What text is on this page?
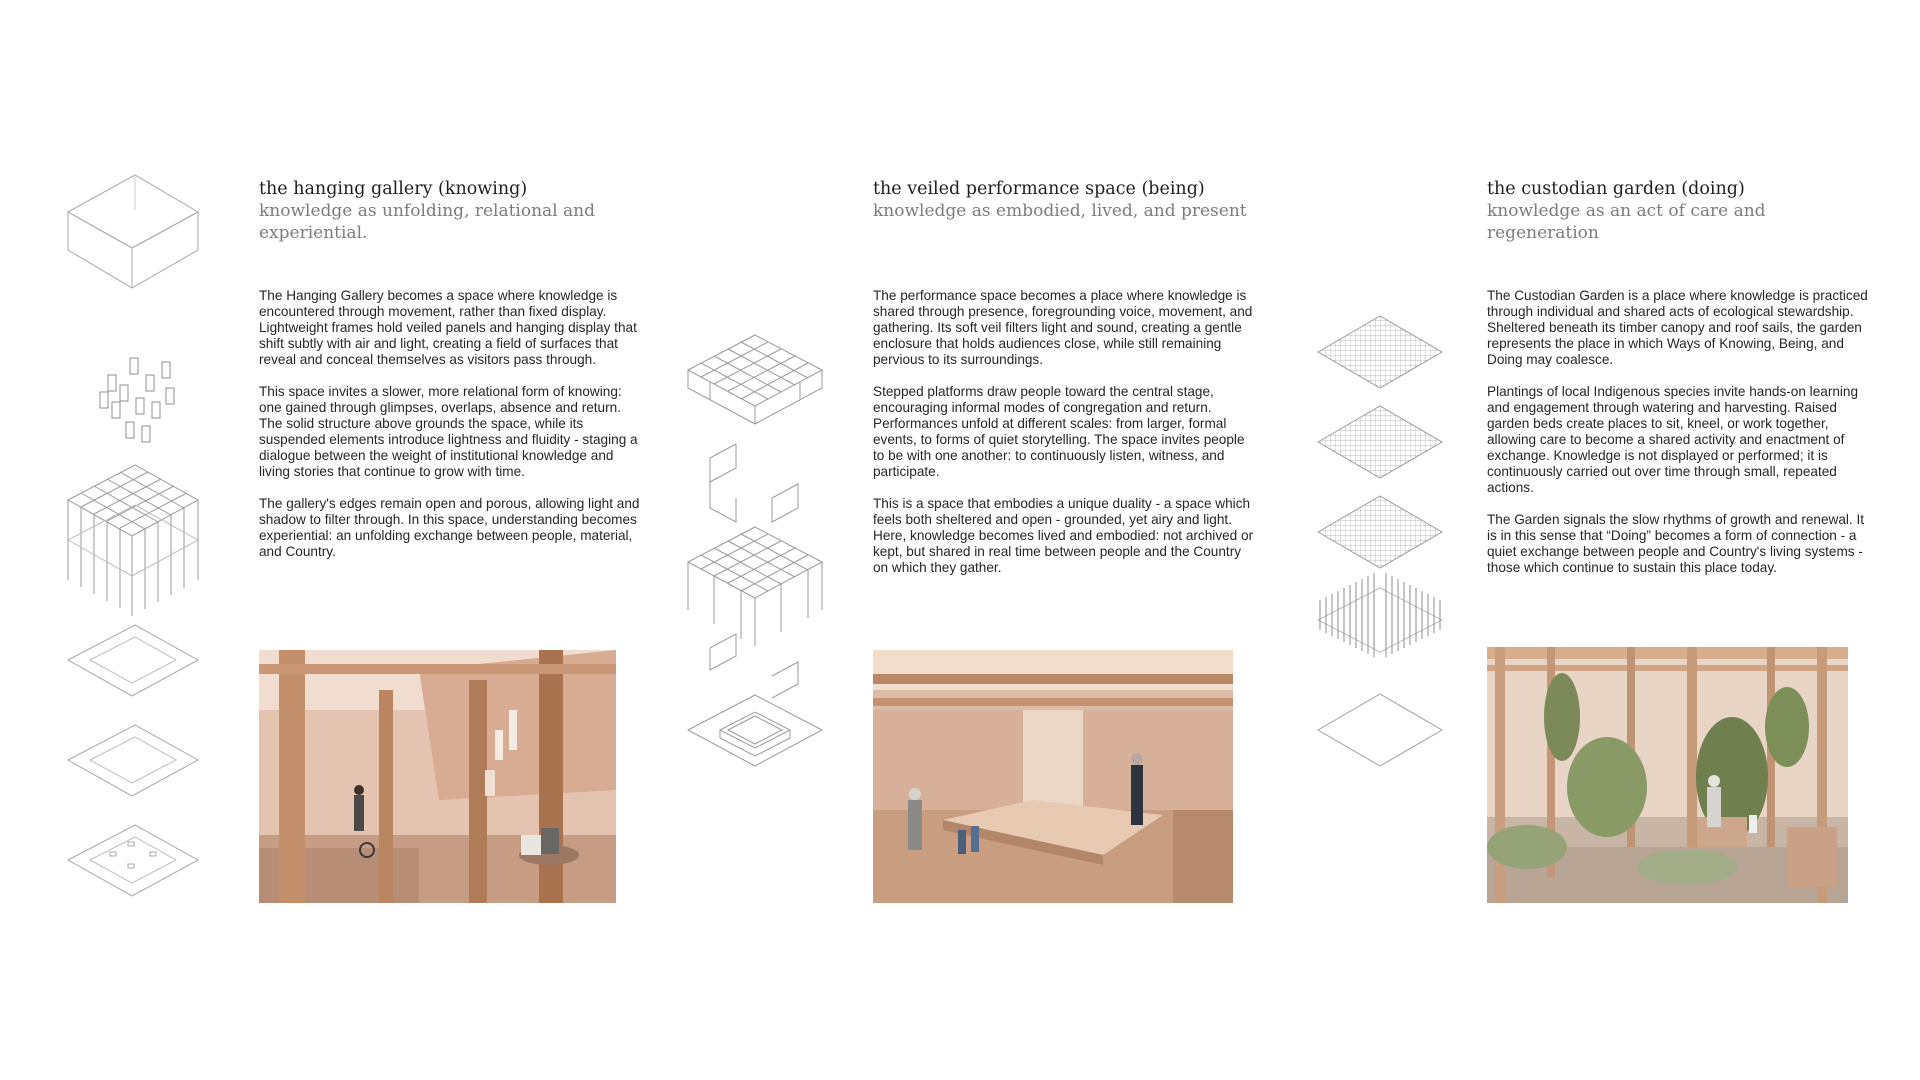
the hanging gallery (knowing)
knowledge as unfolding, relational and experiential.

The Hanging Gallery becomes a space where knowledge is encountered through movement, rather than fixed display. Lightweight frames hold veiled panels and hanging display that shift subtly with air and light, creating a field of surfaces that reveal and conceal themselves as visitors pass through.

This space invites a slower, more relational form of knowing: one gained through glimpses, overlaps, absence and return. The solid structure above grounds the space, while its suspended elements introduce lightness and fluidity - staging a dialogue between the weight of institutional knowledge and living stories that continue to grow with time.

The gallery's edges remain open and porous, allowing light and shadow to filter through. In this space, understanding becomes experiential: an unfolding exchange between people, material, and Country.

the veiled performance space (being)
knowledge as embodied, lived, and present

The performance space becomes a place where knowledge is shared through presence, foregrounding voice, movement, and gathering. Its soft veil filters light and sound, creating a gentle enclosure that holds audiences close, while still remaining pervious to its surroundings.

Stepped platforms draw people toward the central stage, encouraging informal modes of congregation and return. Performances unfold at different scales: from larger, formal events, to forms of quiet storytelling. The space invites people to be with one another: to continuously listen, witness, and participate.

This is a space that embodies a unique duality - a space which feels both sheltered and open - grounded, yet airy and light. Here, knowledge becomes lived and embodied: not archived or kept, but shared in real time between people and the Country on which they gather.

the custodian garden (doing)
knowledge as an act of care and regeneration

The Custodian Garden is a place where knowledge is practiced through individual and shared acts of ecological stewardship. Sheltered beneath its timber canopy and roof sails, the garden represents the place in which Ways of Knowing, Being, and Doing may coalesce.

Plantings of local Indigenous species invite hands-on learning and engagement through watering and harvesting. Raised garden beds create places to sit, kneel, or work together, allowing care to become a shared activity and enactment of exchange. Knowledge is not displayed or performed; it is continuously carried out over time through small, repeated actions.

The Garden signals the slow rhythms of growth and renewal. It is in this sense that “Doing” becomes a form of connection - a quiet exchange between people and Country's living systems - those which continue to sustain this place today.
